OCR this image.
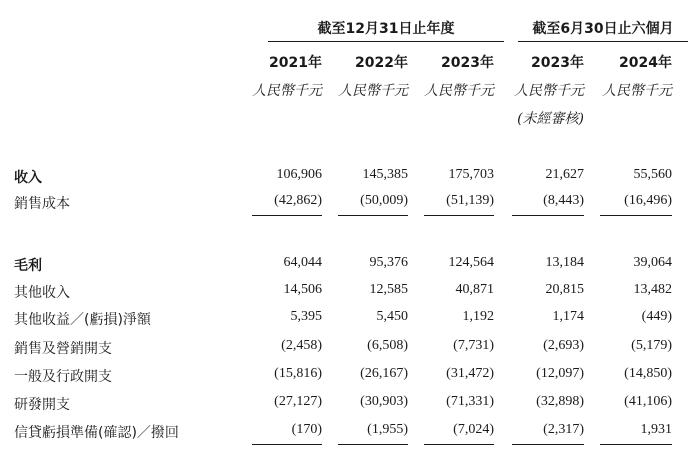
截至12月31日止年度	截至6月30日止六個月
2021年	2022年	2023年	2023年	2024年
人民幣千元	人民幣千元	人民幣千元	人民幣千元	人民幣千元
(未經審核)
收入	106,906	145,385	175,703	21,627	55,560
銷售成本	(42,862)	(50,009)	(51,139)	(8,443)	(16,496)
毛利	64,044	95,376	124,564	13,184	39,064
其他收入	14,506	12,585	40,871	20,815	13,482
其他收益／(虧損)淨額	5,395	5,450	1,192	1,174	(449)
銷售及營銷開支	(2,458)	(6,508)	(7,731)	(2,693)	(5,179)
一般及行政開支	(15,816)	(26,167)	(31,472)	(12,097)	(14,850)
研發開支	(27,127)	(30,903)	(71,331)	(32,898)	(41,106)
信貸虧損準備(確認)／撥回	(170)	(1,955)	(7,024)	(2,317)	1,931
